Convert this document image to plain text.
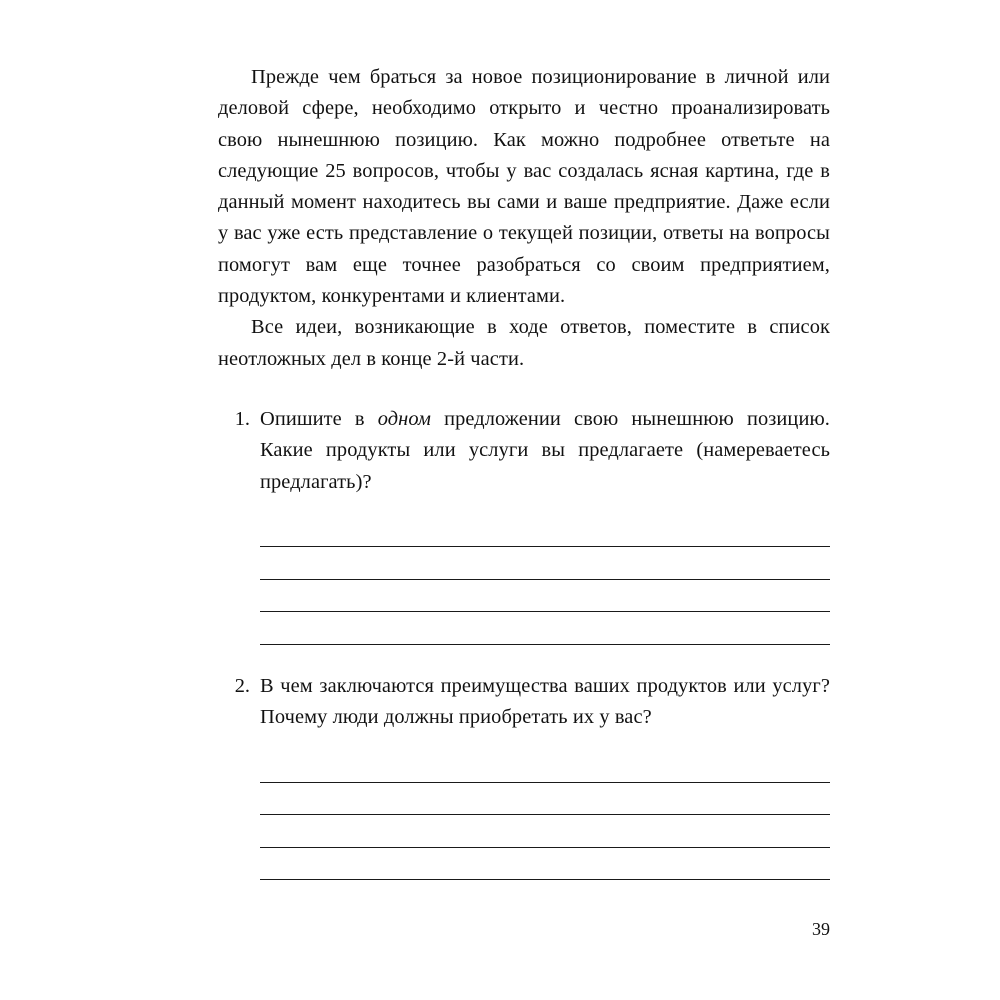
Прежде чем браться за новое позиционирование в личной или деловой сфере, необходимо открыто и честно проанализировать свою нынешнюю позицию. Как можно подробнее ответьте на следующие 25 вопросов, чтобы у вас создалась ясная картина, где в данный момент находитесь вы сами и ваше предприятие. Даже если у вас уже есть представление о текущей позиции, ответы на вопросы помогут вам еще точнее разобраться со своим предприятием, продуктом, конкурентами и клиентами.

Все идеи, возникающие в ходе ответов, поместите в список неотложных дел в конце 2-й части.

1. Опишите в одном предложении свою нынешнюю позицию. Какие продукты или услуги вы предлагаете (намереваетесь предлагать)?
2. В чем заключаются преимущества ваших продуктов или услуг? Почему люди должны приобретать их у вас?
39
